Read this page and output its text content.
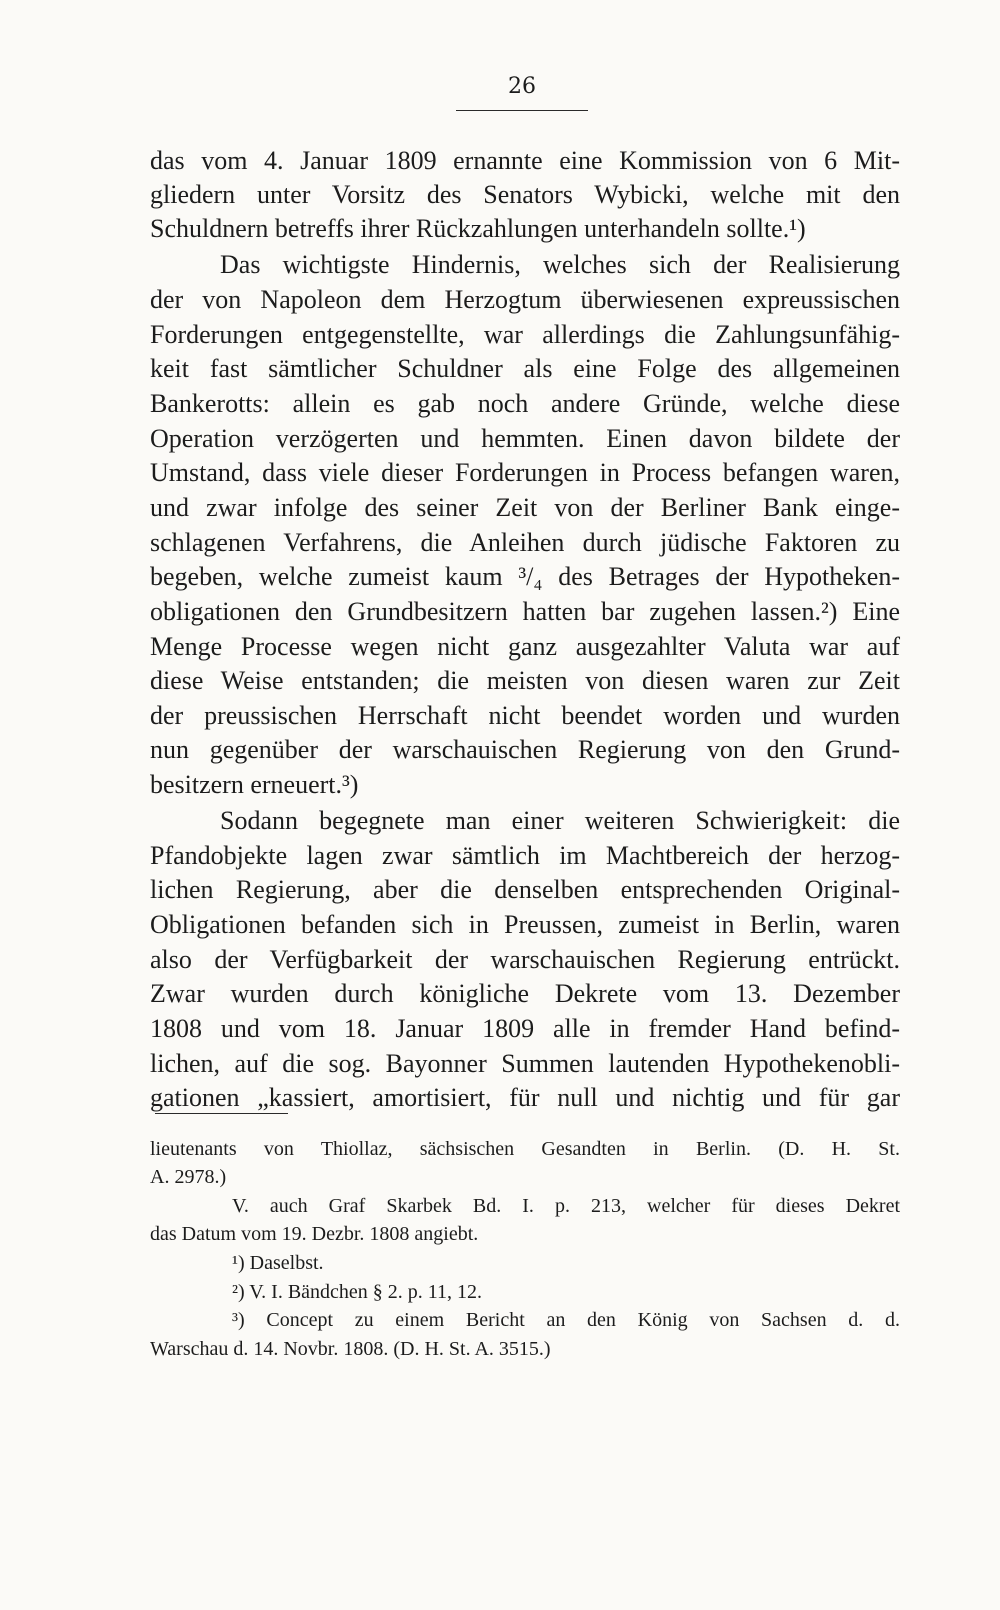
26
das vom 4. Januar 1809 ernannte eine Kommission von 6 Mit-
gliedern unter Vorsitz des Senators Wybicki, welche mit den
Schuldnern betreffs ihrer Rückzahlungen unterhandeln sollte.¹)
Das wichtigste Hindernis, welches sich der Realisierung
der von Napoleon dem Herzogtum überwiesenen expreussischen
Forderungen entgegenstellte, war allerdings die Zahlungsunfähig-
keit fast sämtlicher Schuldner als eine Folge des allgemeinen
Bankerotts: allein es gab noch andere Gründe, welche diese
Operation verzögerten und hemmten. Einen davon bildete der
Umstand, dass viele dieser Forderungen in Process befangen waren,
und zwar infolge des seiner Zeit von der Berliner Bank einge-
schlagenen Verfahrens, die Anleihen durch jüdische Faktoren zu
begeben, welche zumeist kaum ³/₄ des Betrages der Hypotheken-
obligationen den Grundbesitzern hatten bar zugehen lassen.²) Eine
Menge Processe wegen nicht ganz ausgezahlter Valuta war auf
diese Weise entstanden; die meisten von diesen waren zur Zeit
der preussischen Herrschaft nicht beendet worden und wurden
nun gegenüber der warschauischen Regierung von den Grund-
besitzern erneuert.³)
Sodann begegnete man einer weiteren Schwierigkeit: die
Pfandobjekte lagen zwar sämtlich im Machtbereich der herzog-
lichen Regierung, aber die denselben entsprechenden Original-
Obligationen befanden sich in Preussen, zumeist in Berlin, waren
also der Verfügbarkeit der warschauischen Regierung entrückt.
Zwar wurden durch königliche Dekrete vom 13. Dezember
1808 und vom 18. Januar 1809 alle in fremder Hand befind-
lichen, auf die sog. Bayonner Summen lautenden Hypothekenobli-
gationen „kassiert, amortisiert, für null und nichtig und für gar
lieutenants von Thiollaz, sächsischen Gesandten in Berlin. (D. H. St.
A. 2978.)
V. auch Graf Skarbek Bd. I. p. 213, welcher für dieses Dekret
das Datum vom 19. Dezbr. 1808 angiebt.
¹) Daselbst.
²) V. I. Bändchen § 2. p. 11, 12.
³) Concept zu einem Bericht an den König von Sachsen d. d.
Warschau d. 14. Novbr. 1808. (D. H. St. A. 3515.)
